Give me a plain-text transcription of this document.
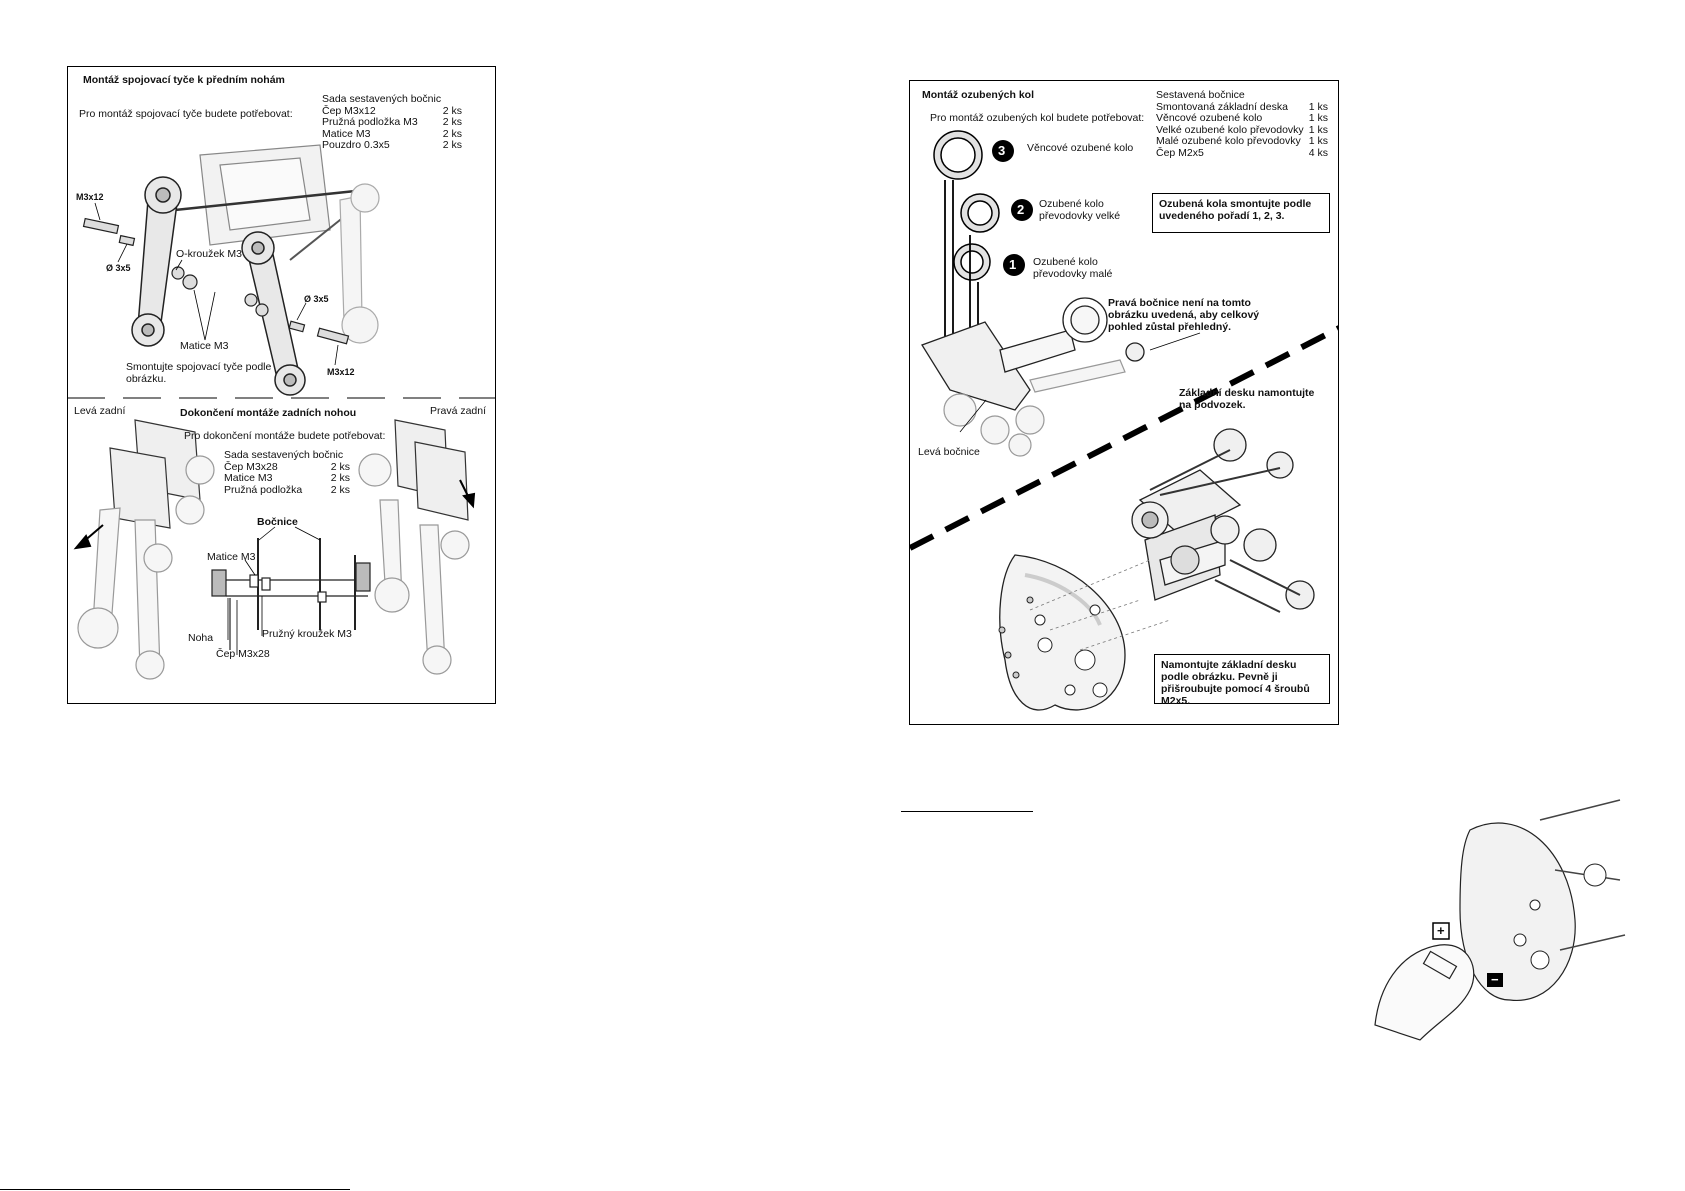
Montáž spojovací tyče k předním nohám
Pro montáž spojovací tyče budete potřebovat:
Sada sestavených bočnic
Čep M3x12	2 ks
Pružná podložka M3	2 ks
Matice M3	2 ks
Pouzdro 0.3x5	2 ks
M3x12
Ø 3x5
O-kroužek M3
Ø 3x5
Matice M3
M3x12
Smontujte spojovací tyče podle
obrázku.
Levá zadní	Pravá zadní
Dokončení montáže zadních nohou
Pro dokončení montáže budete potřebovat:
Sada sestavených bočnic
Čep M3x28	2 ks
Matice M3	2 ks
Pružná podložka	2 ks
Bočnice
Matice M3
Noha	Pružný kroužek M3
Čep M3x28
Montáž ozubených kol
Pro montáž ozubených kol budete potřebovat:
Sestavená bočnice
Smontovaná základní deska	1 ks
Věncové ozubené kolo	1 ks
Velké ozubené kolo převodovky 1 ks
Malé ozubené kolo převodovky 1 ks
Čep M2x5	4 ks
3 Věncové ozubené kolo
2 Ozubené kolo
převodovky velké
1 Ozubené kolo
převodovky malé
Ozubená kola smontujte podle uvedeného pořadí 1, 2, 3.
Pravá bočnice není na tomto obrázku uvedená, aby celkový pohled zůstal přehledný.
Levá bočnice
Základní desku namontujte
na podvozek.
Namontujte základní desku podle obrázku. Pevně ji přišroubujte pomocí 4 šroubů M2x5.
+
−
